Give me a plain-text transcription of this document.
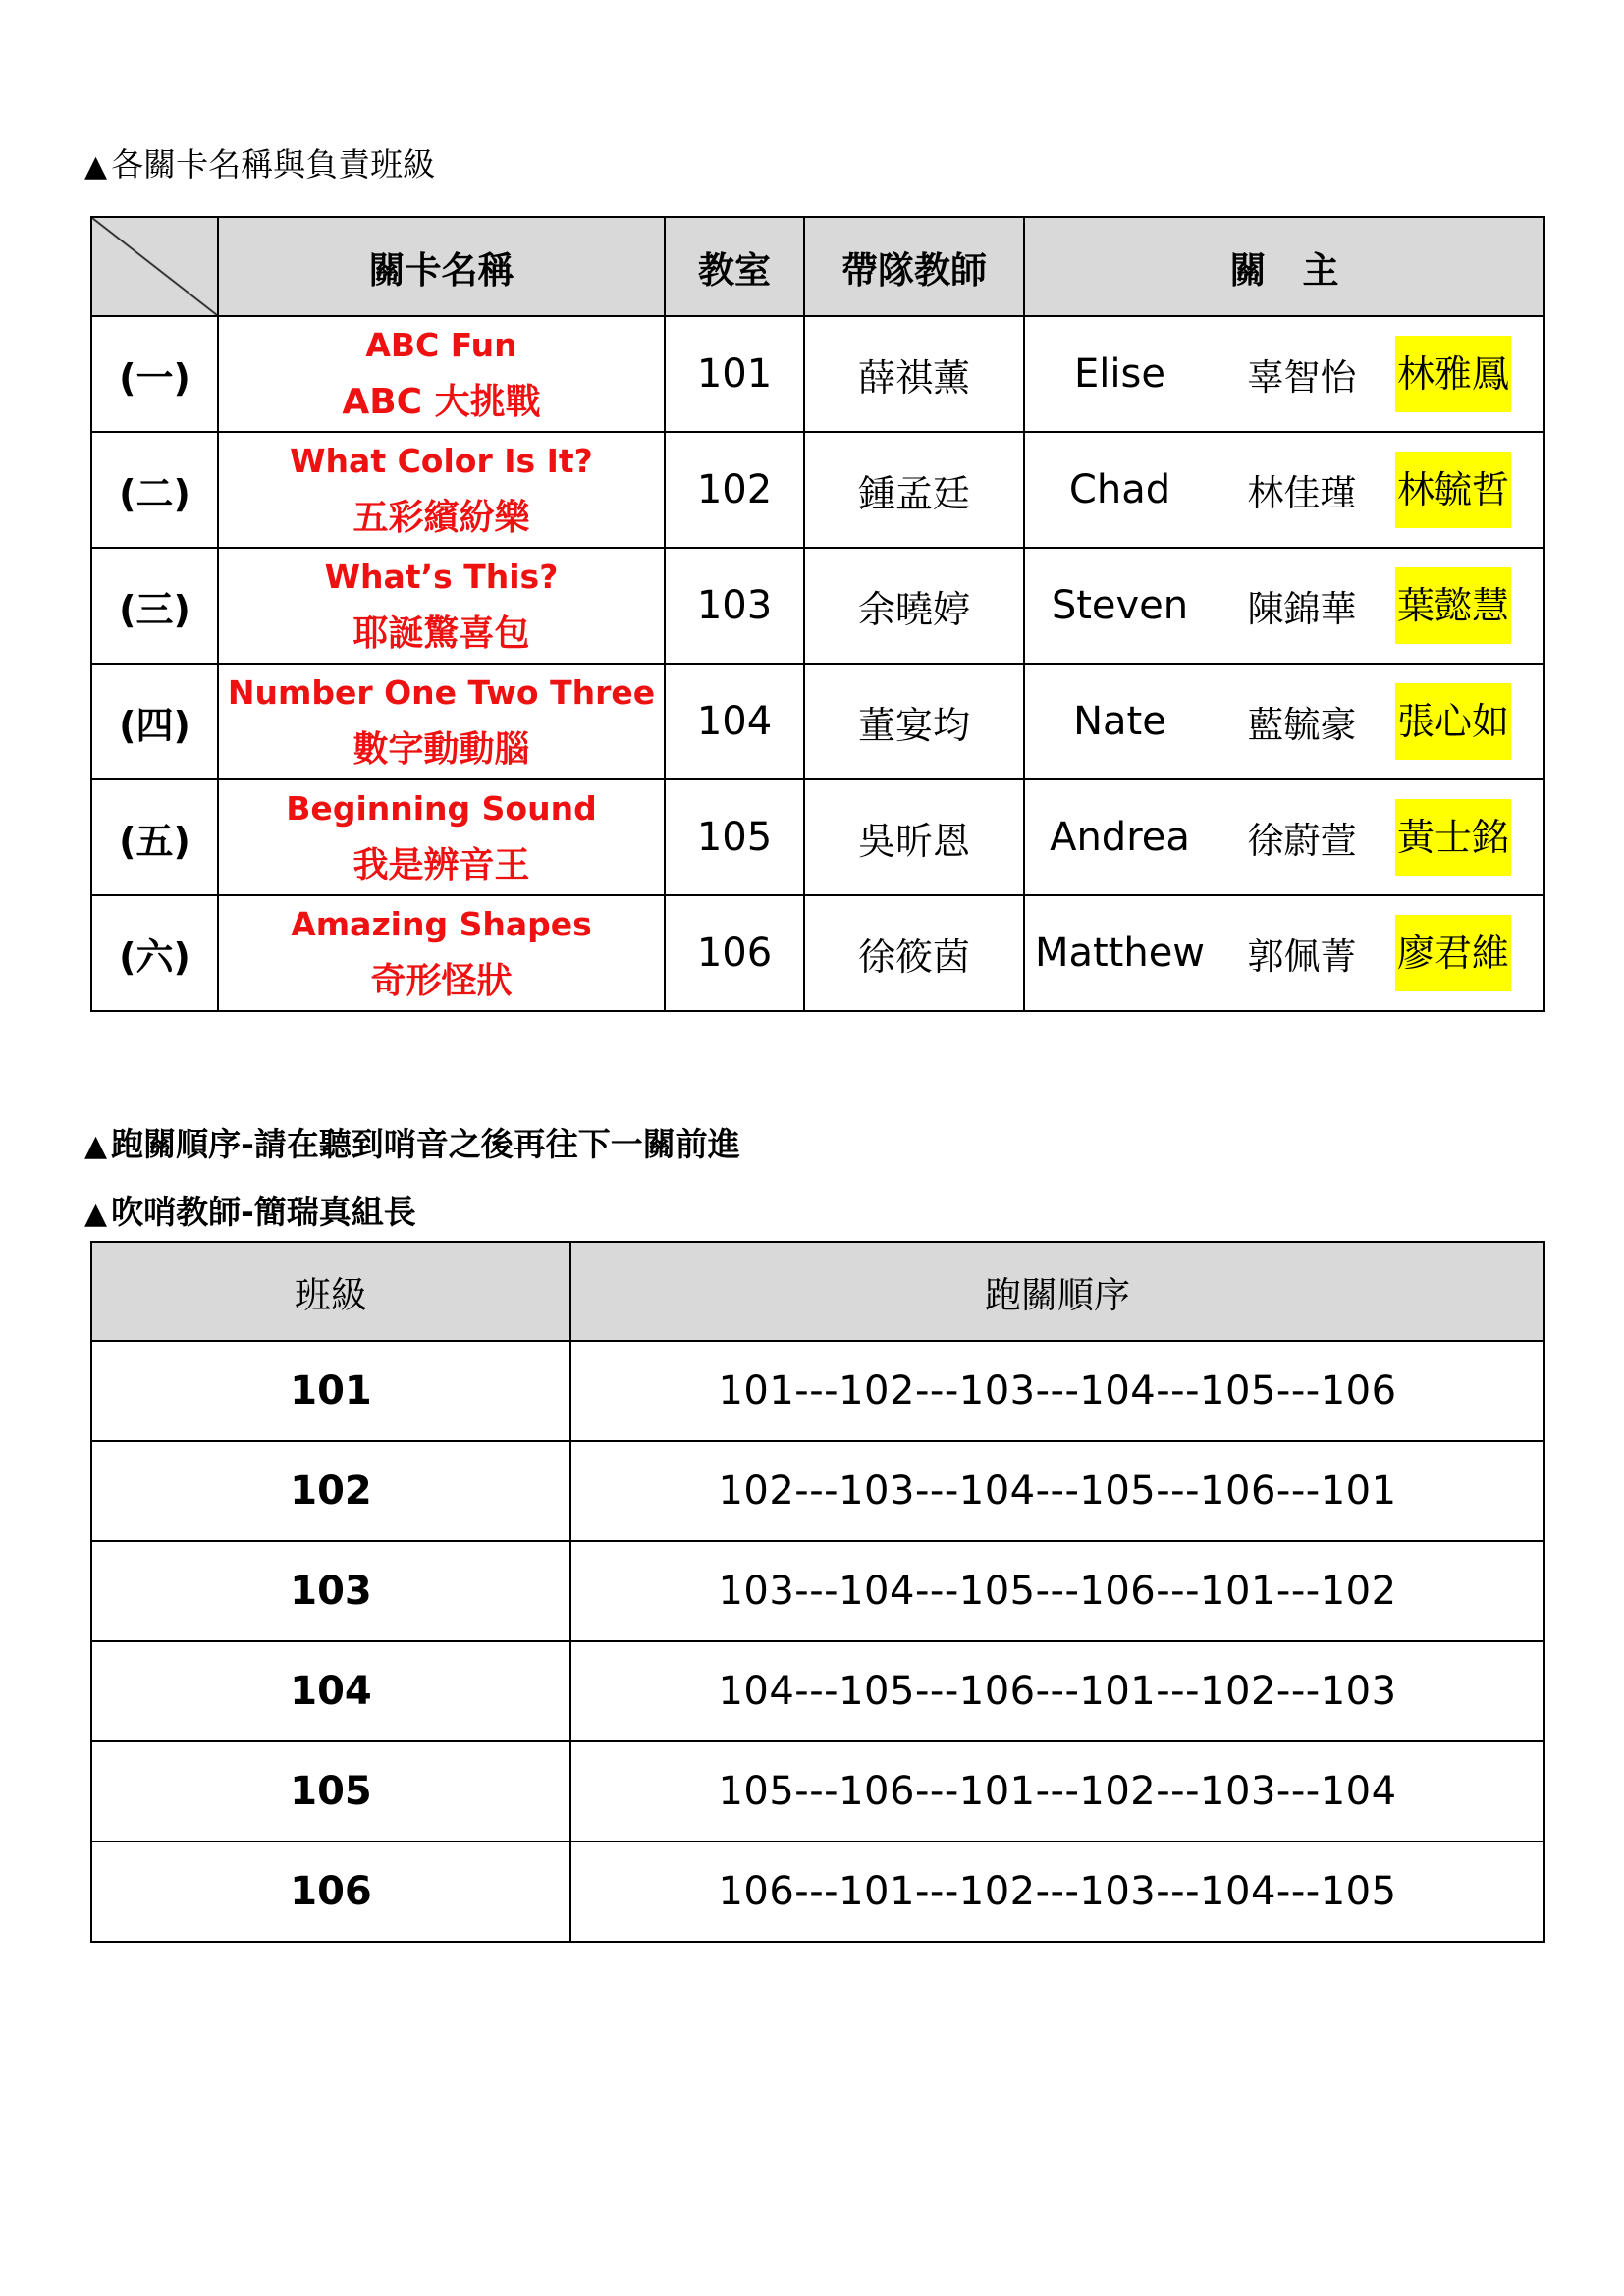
▲ 各關卡名稱與負責班級
	關卡名稱	教室	帶隊教師	關　主
(一)	ABC Fun
ABC 大挑戰	101	薛祺薰	Elise 辜智怡 林雅鳳

(二)	What Color Is It?
五彩繽紛樂	102	鍾孟廷	Chad 林佳瑾 林毓哲

(三)	What’s This?
耶誕驚喜包	103	余曉婷	Steven 陳錦華 葉懿慧

(四)	Number One Two Three
數字動動腦	104	董宴均	Nate 藍毓豪 張心如

(五)	Beginning Sound
我是辨音王	105	吳昕恩	Andrea 徐蔚萱 黃士銘

(六)	Amazing Shapes
奇形怪狀	106	徐筱茵	Matthew 郭佩菁 廖君維
▲ 跑關順序-請在聽到哨音之後再往下一關前進
▲ 吹哨教師-簡瑞真組長
班級	跑關順序
101	101---102---103---104---105---106
102	102---103---104---105---106---101
103	103---104---105---106---101---102
104	104---105---106---101---102---103
105	105---106---101---102---103---104
106	106---101---102---103---104---105
